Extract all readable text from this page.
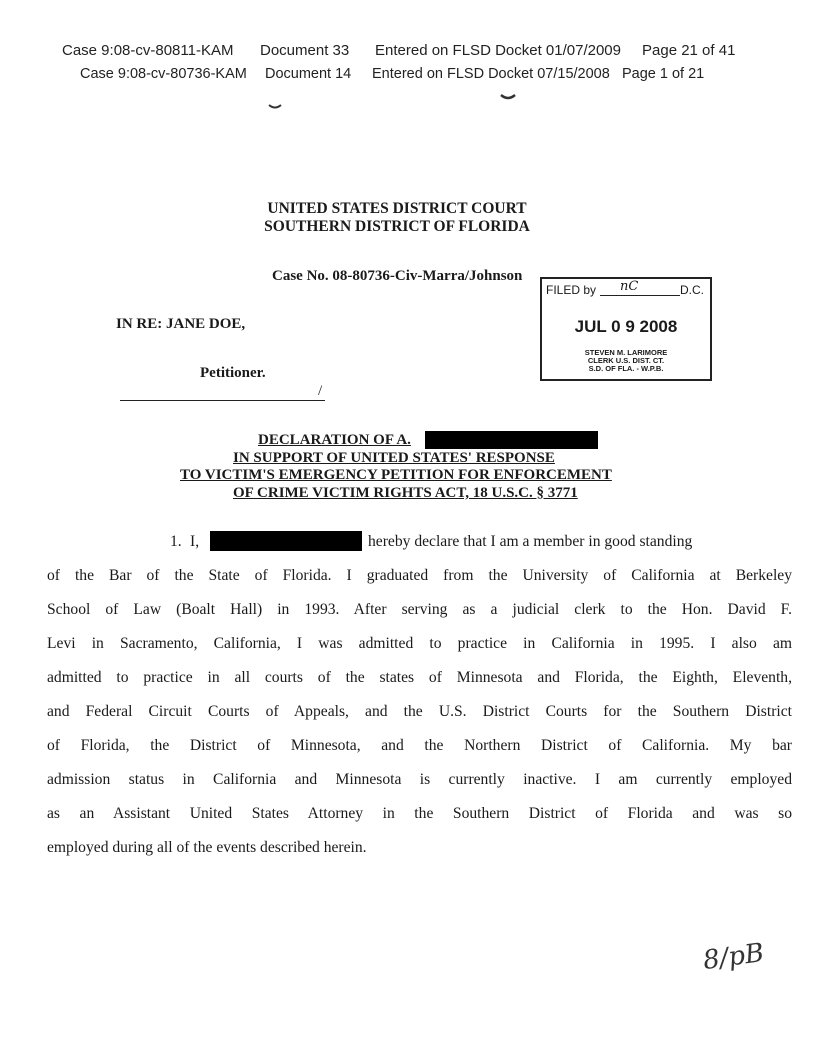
Case 9:08-cv-80811-KAM Document 33 Entered on FLSD Docket 01/07/2009 Page 21 of 41
Case 9:08-cv-80736-KAM Document 14 Entered on FLSD Docket 07/15/2008 Page 1 of 21
UNITED STATES DISTRICT COURT
SOUTHERN DISTRICT OF FLORIDA
Case No. 08-80736-Civ-Marra/Johnson
IN RE: JANE DOE,
Petitioner.
/
FILED by nC	D.C.
JUL 0 9 2008
STEVEN M. LARIMORE
CLERK U.S. DIST. CT.
S.D. OF FLA. - W.P.B.
DECLARATION OF A.
IN SUPPORT OF UNITED STATES' RESPONSE
TO VICTIM'S EMERGENCY PETITION FOR ENFORCEMENT
OF CRIME VICTIM RIGHTS ACT, 18 U.S.C. § 3771
1. I,	hereby declare that I am a member in good standing
of the Bar of the State of Florida. I graduated from the University of California at Berkeley
School of Law (Boalt Hall) in 1993. After serving as a judicial clerk to the Hon. David F.
Levi in Sacramento, California, I was admitted to practice in California in 1995. I also am
admitted to practice in all courts of the states of Minnesota and Florida, the Eighth, Eleventh,
and Federal Circuit Courts of Appeals, and the U.S. District Courts for the Southern District
of Florida, the District of Minnesota, and the Northern District of California. My bar
admission status in California and Minnesota is currently inactive. I am currently employed
as an Assistant United States Attorney in the Southern District of Florida and was so
employed during all of the events described herein.
8/pB
